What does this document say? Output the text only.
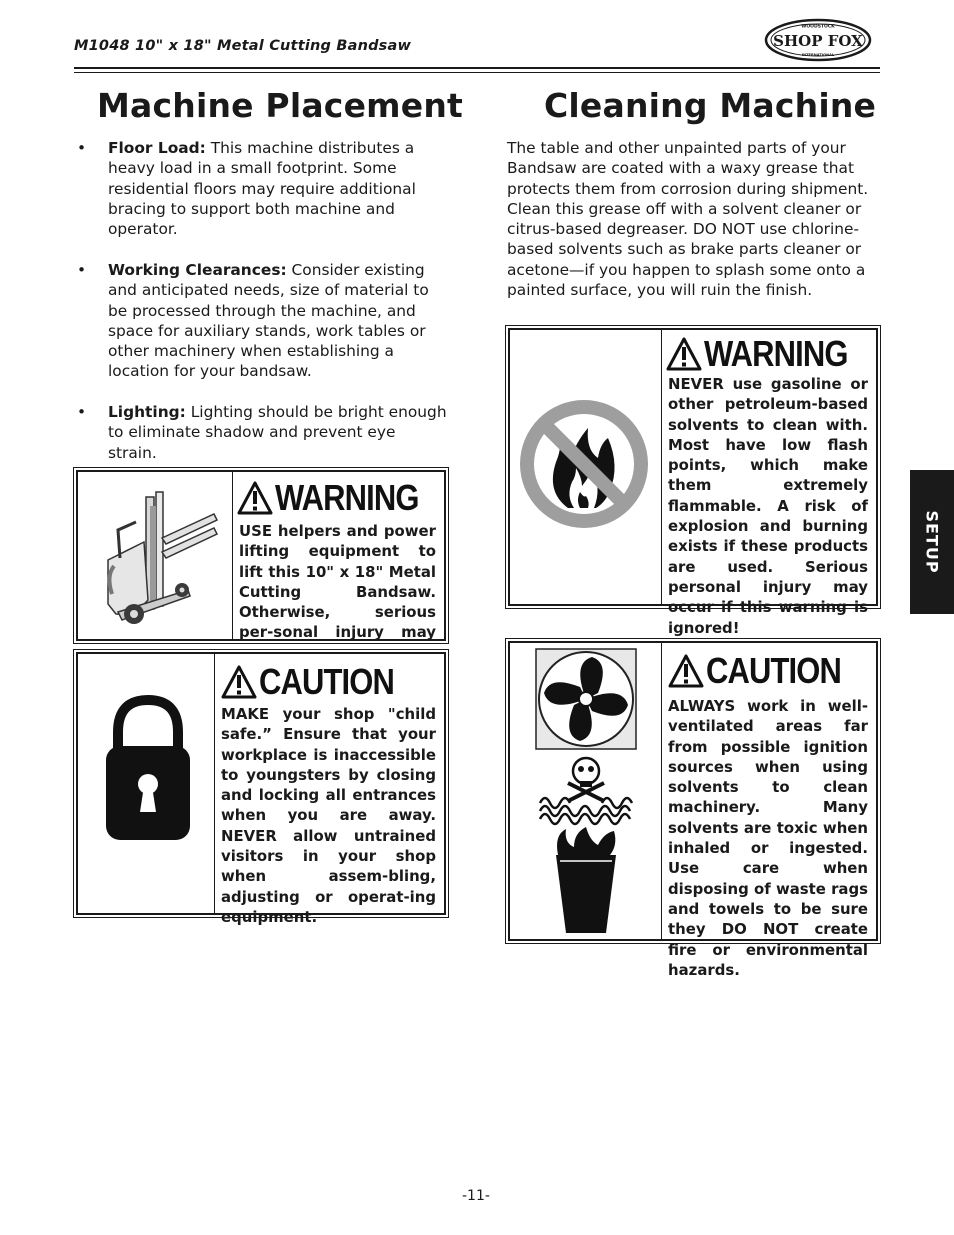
M1048 10" x 18" Metal Cutting Bandsaw
WOODSTOCK
SHOP FOX
INTERNATIONAL
Machine Placement
• Floor Load: This machine distributes a heavy load in a small footprint. Some residential floors may require additional bracing to support both machine and operator.
• Working Clearances: Consider existing and anticipated needs, size of material to be processed through the machine, and space for auxiliary stands, work tables or other machinery when establishing a location for your bandsaw.
• Lighting: Lighting should be bright enough to eliminate shadow and prevent eye strain.
WARNING
USE helpers and power lifting equipment to lift this 10" x 18" Metal Cutting Bandsaw. Otherwise, serious per-sonal injury may
CAUTION
MAKE your shop "child safe.” Ensure that your workplace is inaccessible to youngsters by closing and locking all entrances when you are away. NEVER allow untrained visitors in your shop when assem-bling, adjusting or operat-ing equipment.
Cleaning Machine
The table and other unpainted parts of your Bandsaw are coated with a waxy grease that protects them from corrosion during shipment. Clean this grease off with a solvent cleaner or citrus-based degreaser. DO NOT use chlorine-based solvents such as brake parts cleaner or acetone—if you happen to splash some onto a painted surface, you will ruin the finish.
WARNING
NEVER use gasoline or other petroleum-based solvents to clean with. Most have low flash points, which make them extremely flammable. A risk of explosion and burning exists if these products are used. Serious personal injury may occur if this warning is ignored!
CAUTION
ALWAYS work in well-ventilated areas far from possible ignition sources when using solvents to clean machinery. Many solvents are toxic when inhaled or ingested. Use care when disposing of waste rags and towels to be sure they DO NOT create fire or environmental hazards.
SETUP
-11-
